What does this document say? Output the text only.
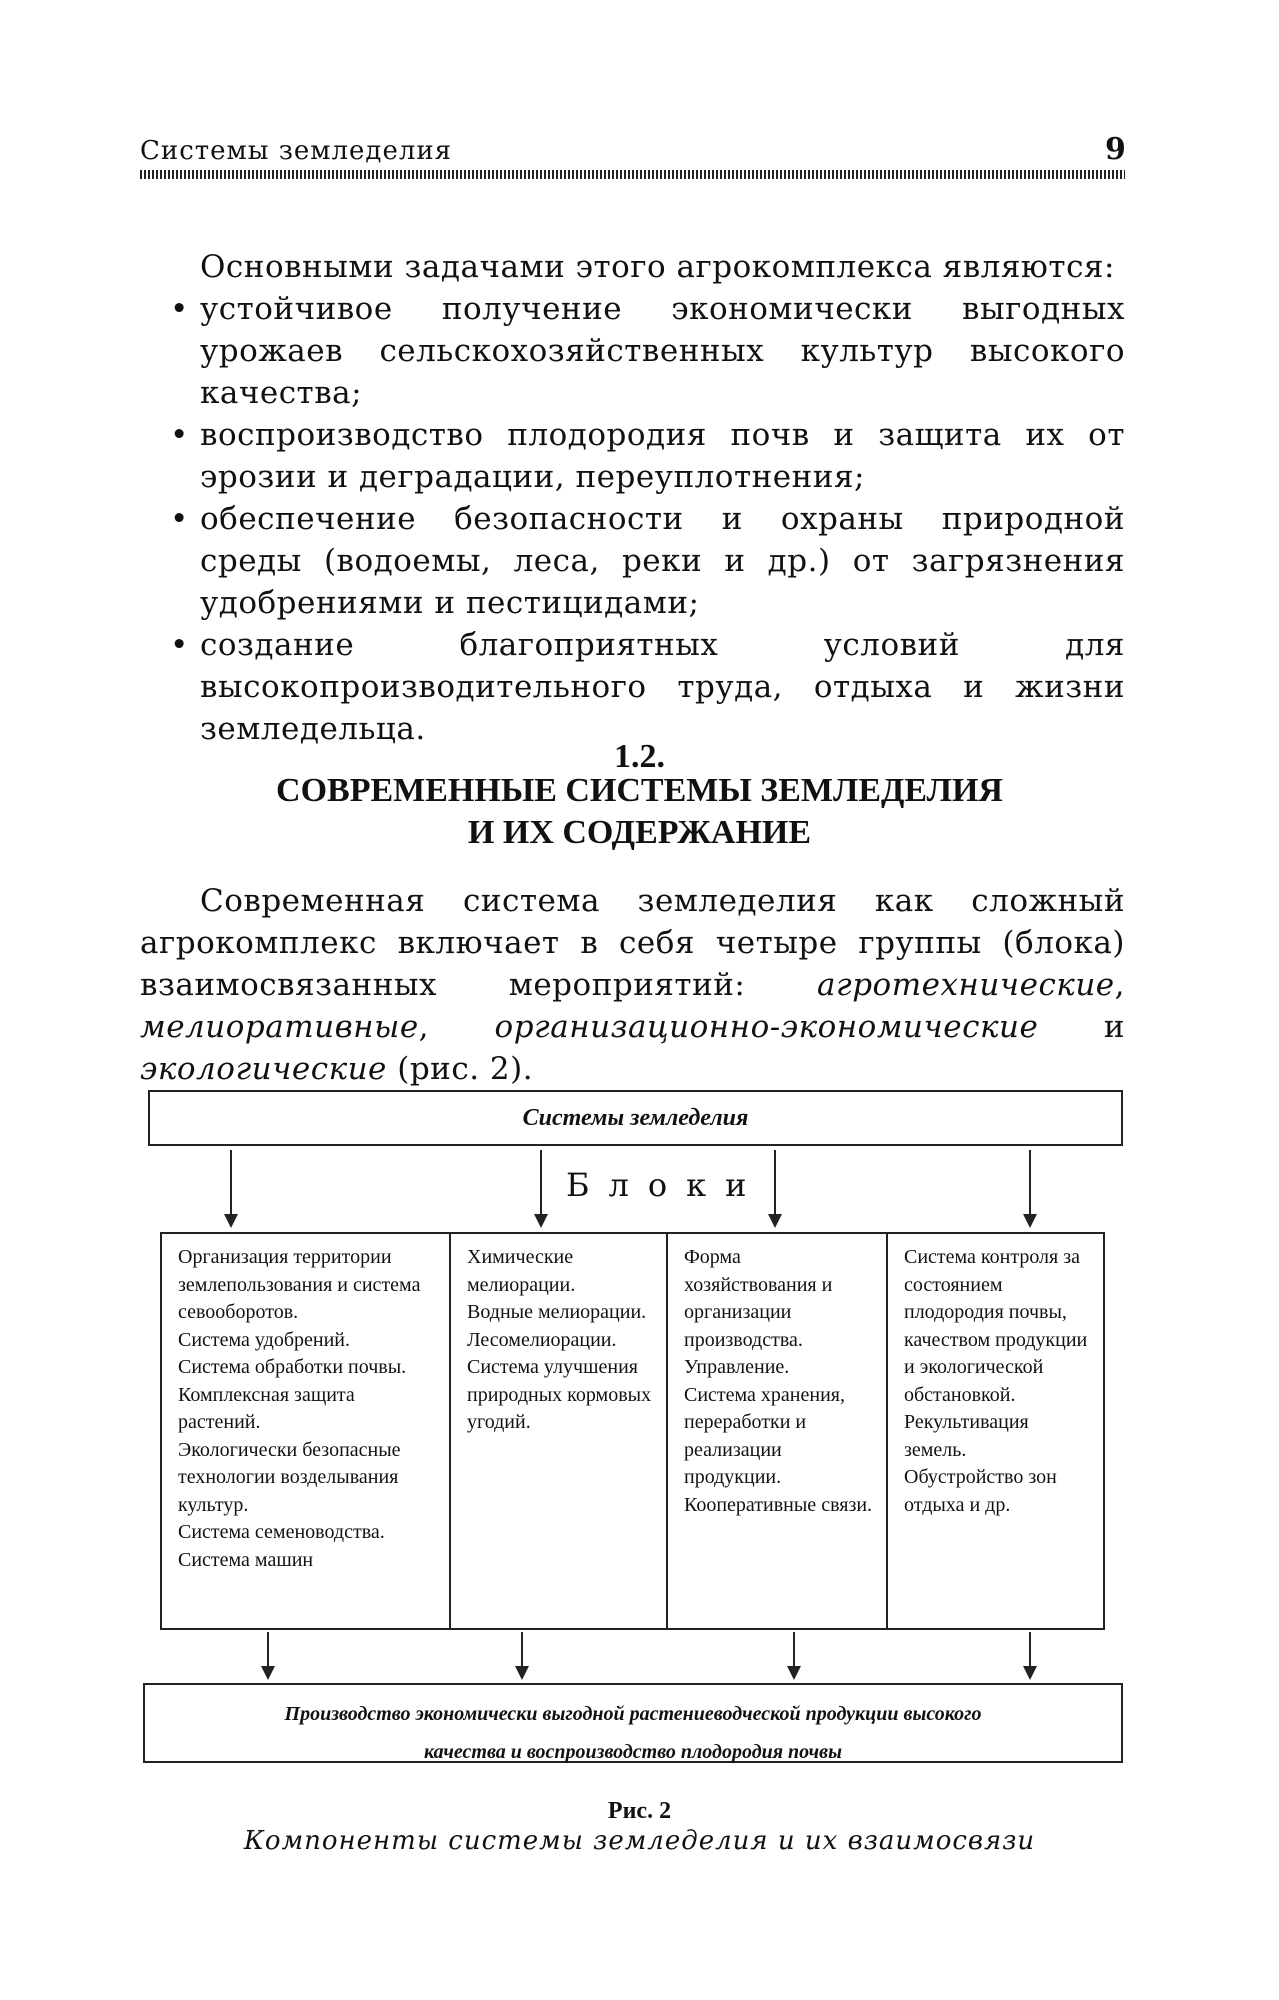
Системы земледелия	9
Основными задачами этого агрокомплекса являются:
• устойчивое получение экономически выгодных урожаев сельскохозяйственных культур высокого качества;
• воспроизводство плодородия почв и защита их от эрозии и деградации, переуплотнения;
• обеспечение безопасности и охраны природной среды (водоемы, леса, реки и др.) от загрязнения удобрениями и пестицидами;
• создание благоприятных условий для высокопроизводительного труда, отдыха и жизни земледельца.
1.2.
СОВРЕМЕННЫЕ СИСТЕМЫ ЗЕМЛЕДЕЛИЯ
И ИХ СОДЕРЖАНИЕ
Современная система земледелия как сложный агрокомплекс включает в себя четыре группы (блока) взаимосвязанных мероприятий: агротехнические, мелиоративные, организационно-экономические и экологические (рис. 2).
Системы земледелия
Блоки
Организация территории землепользования и система севооборотов.
Система удобрений.
Система обработки почвы.
Комплексная защита растений.
Экологически безопасные технологии возделывания культур.
Система семеноводства.
Система машин
Химические мелиорации.
Водные мелиорации.
Лесомелиорации.
Система улучшения природных кормовых угодий.
Форма хозяйствования и организации производства.
Управление.
Система хранения, переработки и реализации продукции.
Кооперативные связи.
Система контроля за состоянием плодородия почвы, качеством продукции и экологической обстановкой.
Рекультивация земель.
Обустройство зон отдыха и др.
Производство экономически выгодной растениеводческой продукции высокого
качества и воспроизводство плодородия почвы
Рис. 2
Компоненты системы земледелия и их взаимосвязи
